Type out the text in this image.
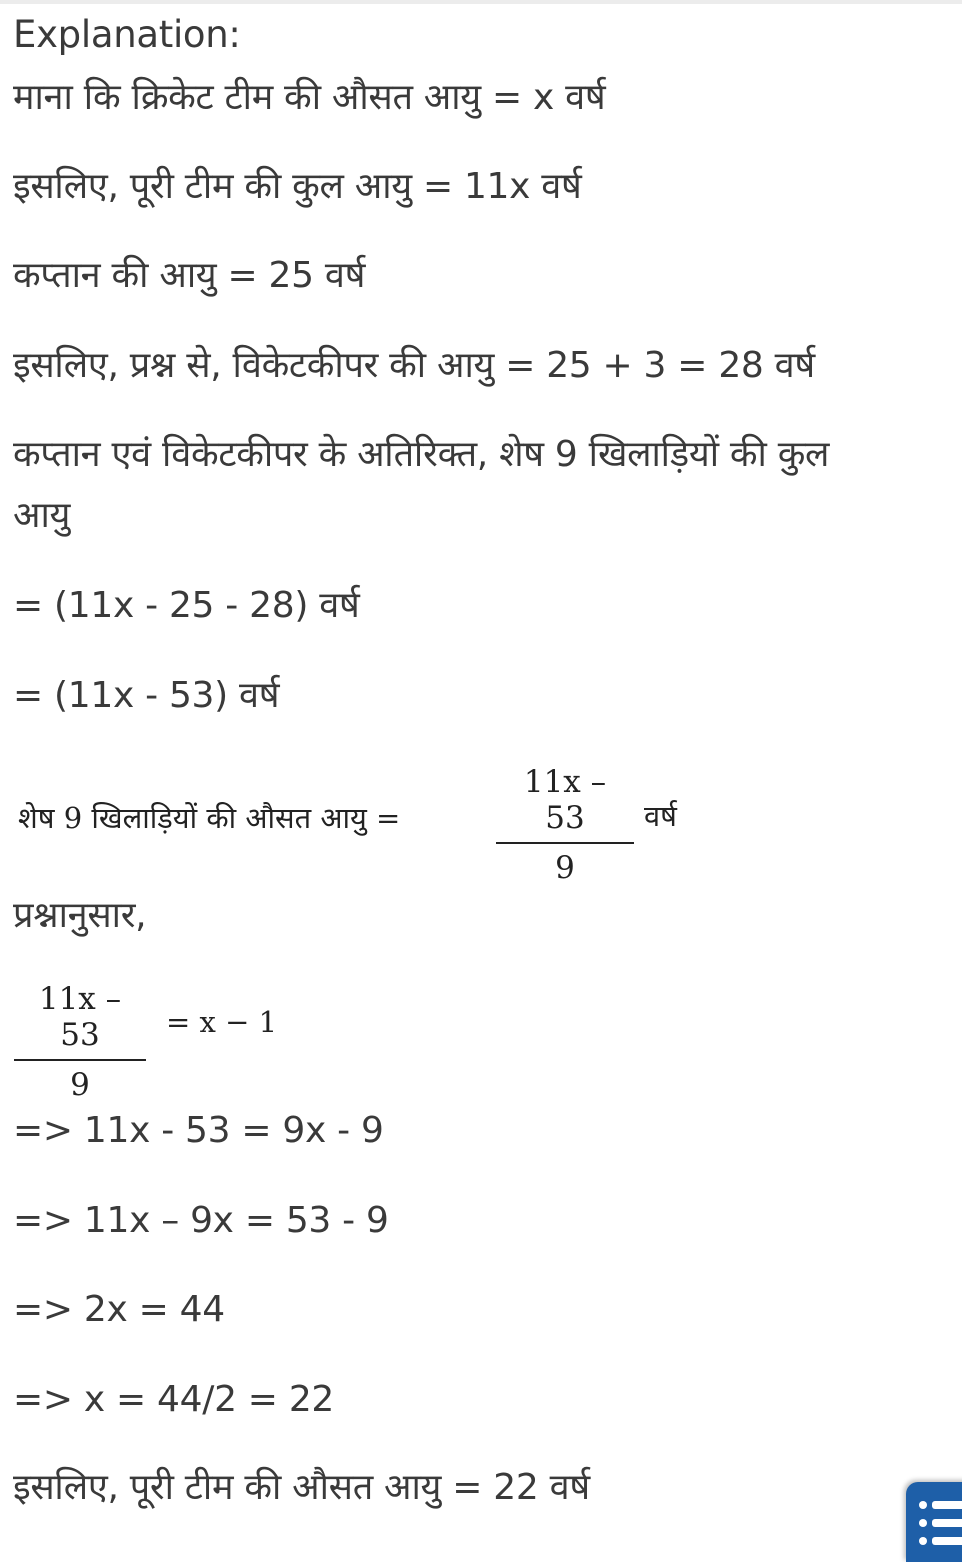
Explanation:
माना कि क्रिकेट टीम की औसत आयु = x वर्ष
इसलिए, पूरी टीम की कुल आयु = 11x वर्ष
कप्तान की आयु = 25 वर्ष
इसलिए, प्रश्न से, विकेटकीपर की आयु = 25 + 3 = 28 वर्ष
कप्तान एवं विकेटकीपर के अतिरिक्त, शेष 9 खिलाड़ियों की कुल
आयु
= (11x - 25 - 28) वर्ष
= (11x - 53) वर्ष
शेष 9 खिलाड़ियों की औसत आयु =
11x – 53
9
वर्ष
प्रश्नानुसार,
11x – 53
9
= x − 1
=> 11x - 53 = 9x - 9
=> 11x – 9x = 53 - 9
=> 2x = 44
=> x = 44/2 = 22
इसलिए, पूरी टीम की औसत आयु = 22 वर्ष
